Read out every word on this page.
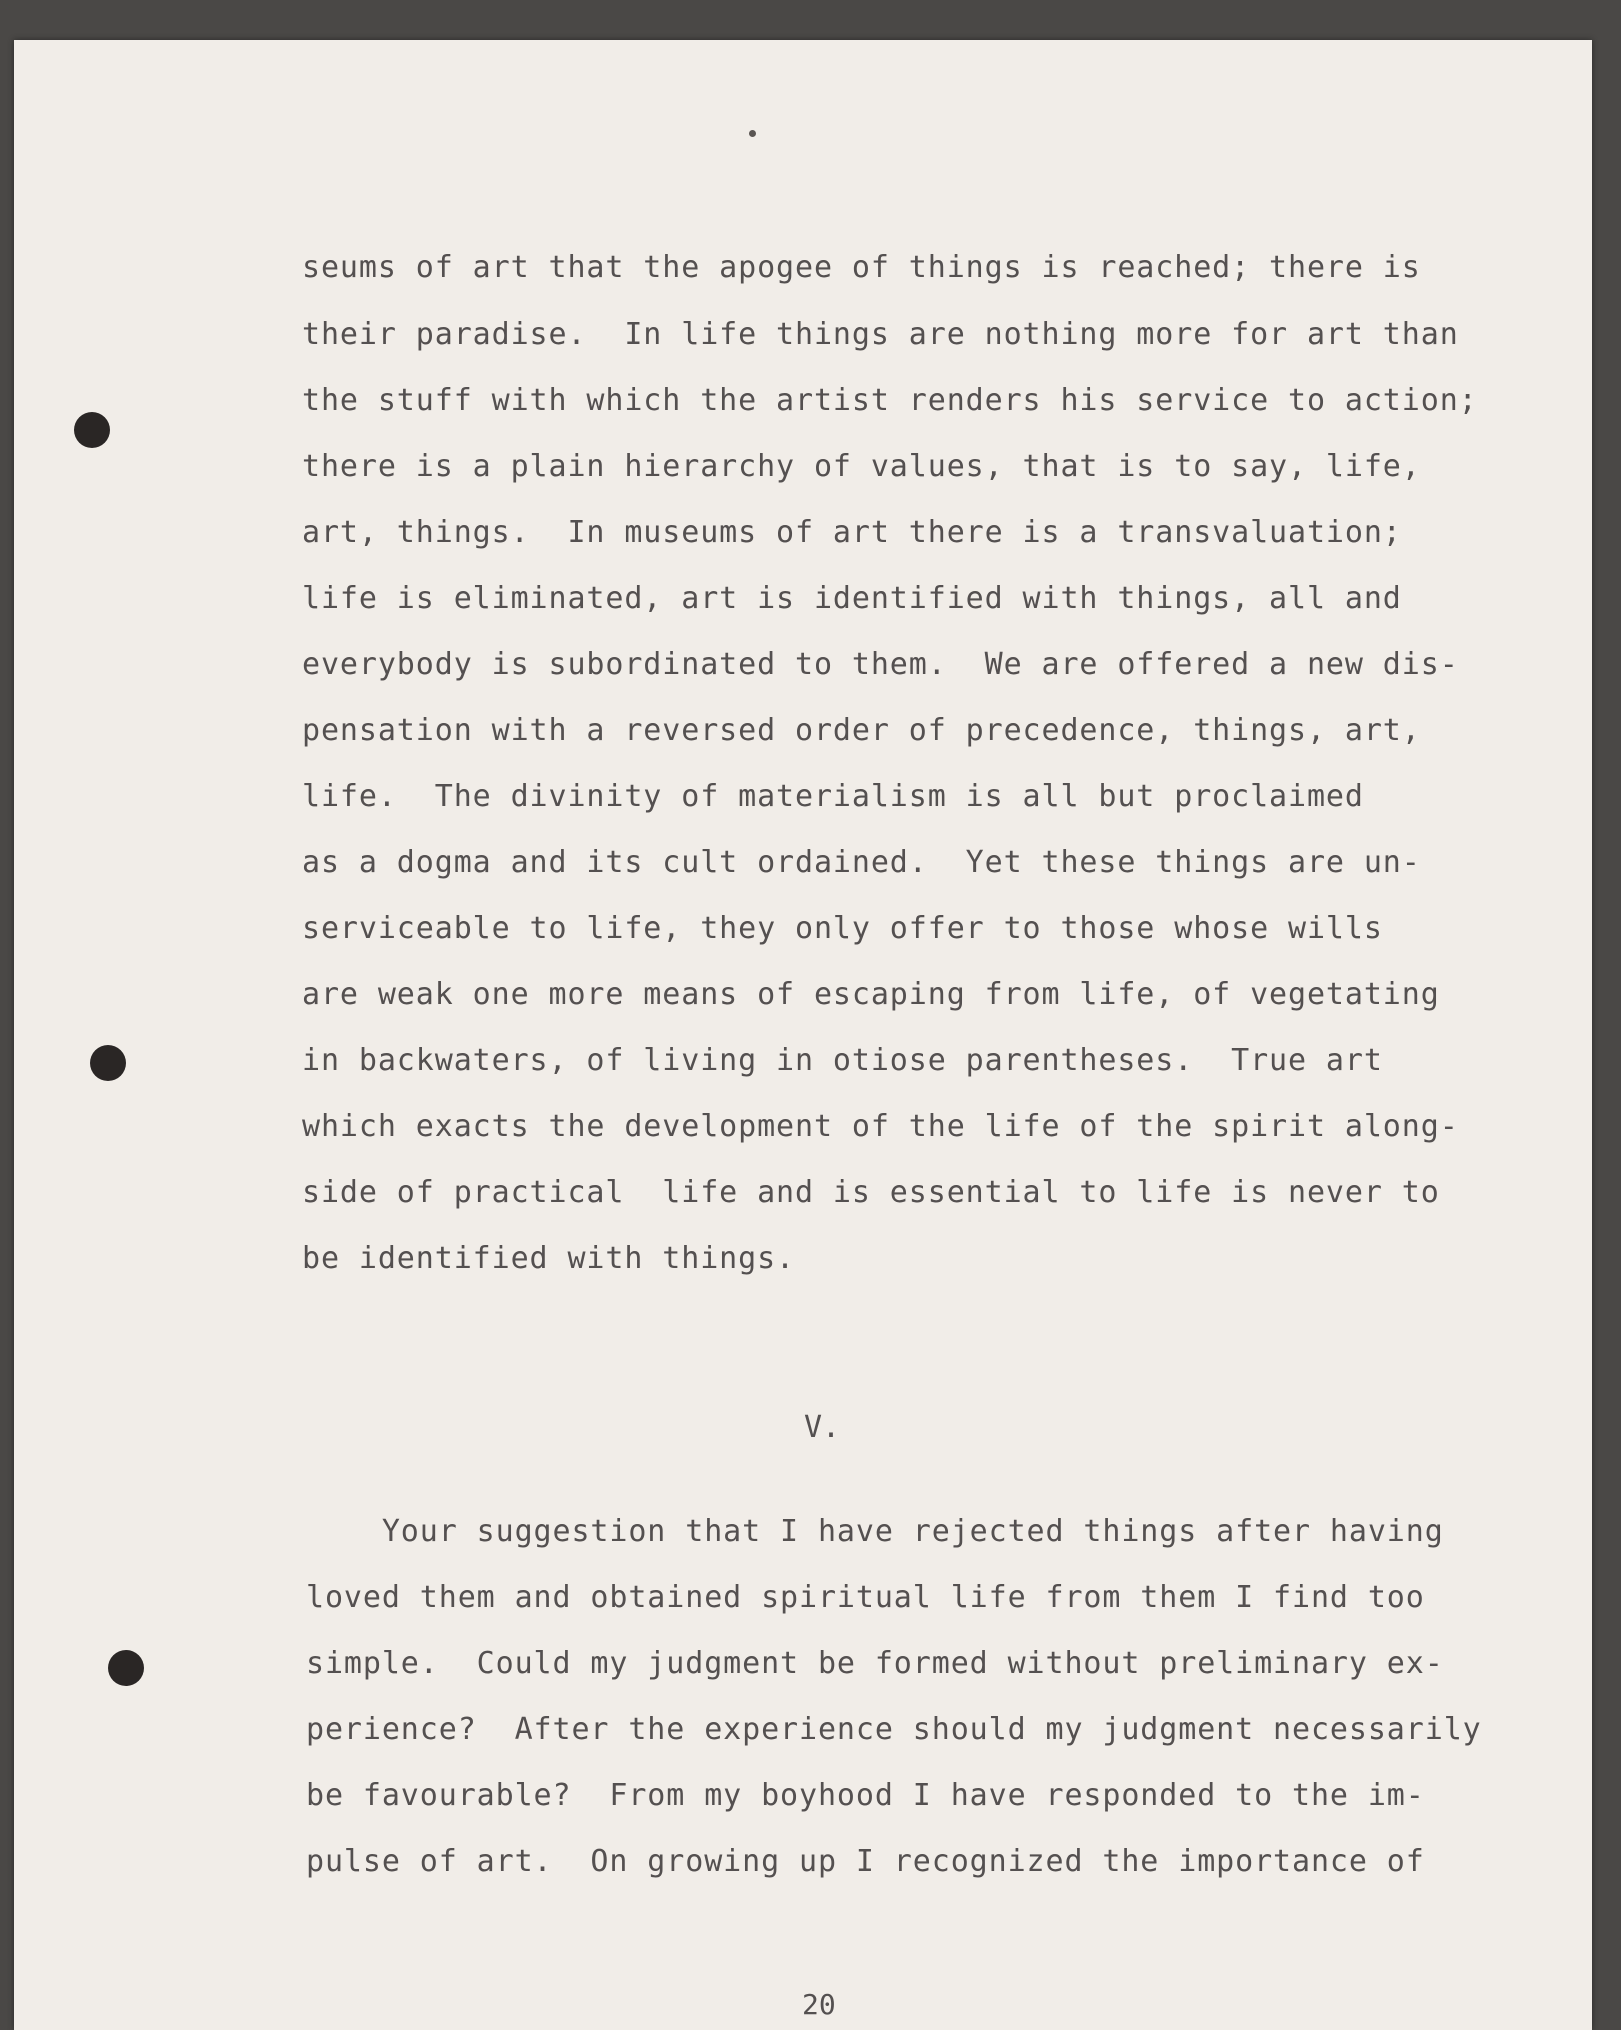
seums of art that the apogee of things is reached; there is

their paradise.  In life things are nothing more for art than

the stuff with which the artist renders his service to action;

there is a plain hierarchy of values, that is to say, life,

art, things.  In museums of art there is a transvaluation;

life is eliminated, art is identified with things, all and

everybody is subordinated to them.  We are offered a new dis-

pensation with a reversed order of precedence, things, art,

life.  The divinity of materialism is all but proclaimed

as a dogma and its cult ordained.  Yet these things are un-

serviceable to life, they only offer to those whose wills

are weak one more means of escaping from life, of vegetating

in backwaters, of living in otiose parentheses.  True art

which exacts the development of the life of the spirit along-

side of practical  life and is essential to life is never to

be identified with things.

V.

Your suggestion that I have rejected things after having

loved them and obtained spiritual life from them I find too

simple.  Could my judgment be formed without preliminary ex-

perience?  After the experience should my judgment necessarily

be favourable?  From my boyhood I have responded to the im-

pulse of art.  On growing up I recognized the importance of

20
